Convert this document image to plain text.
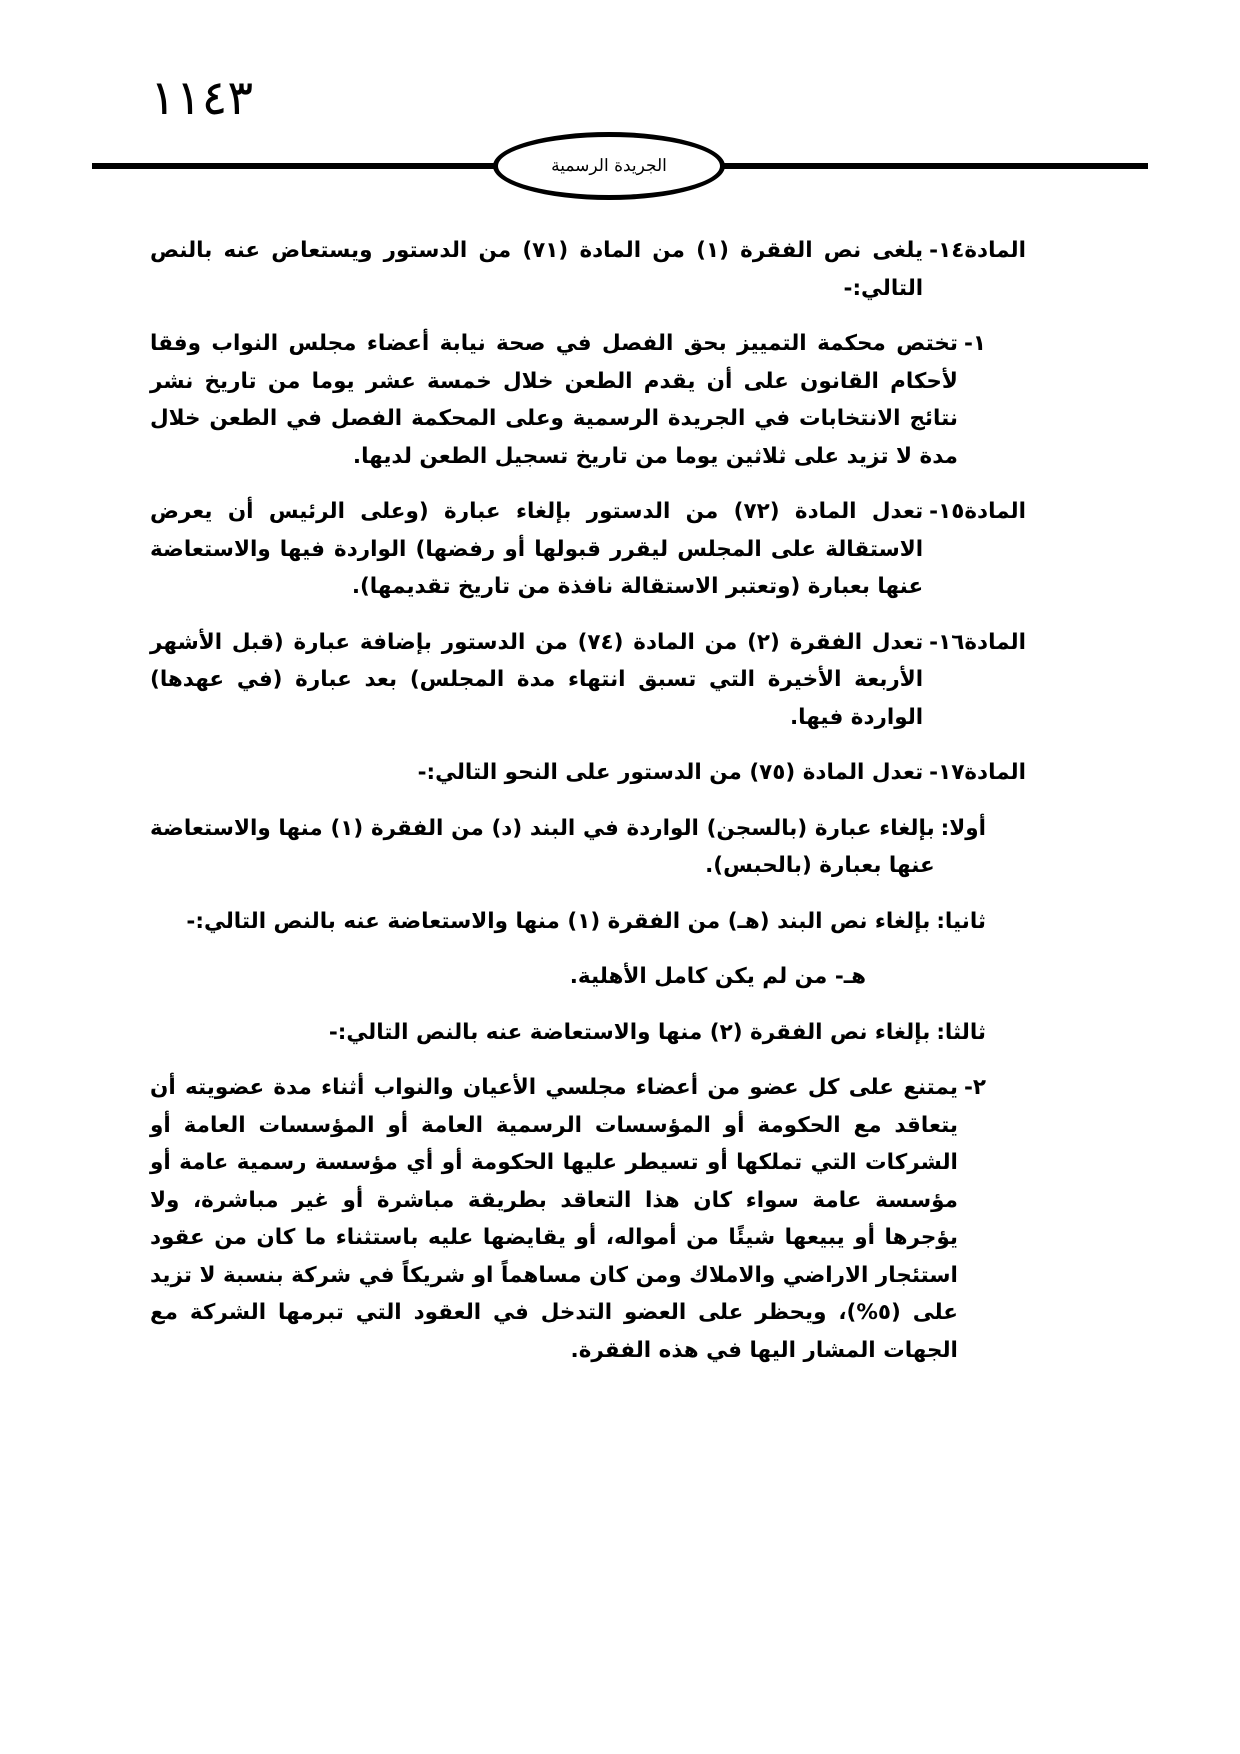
١١٤٣
الجريدة الرسمية
المادة١٤-
يلغى نص الفقرة (١) من المادة (٧١) من الدستور ويستعاض عنه بالنص التالي:-
١-
تختص محكمة التمييز بحق الفصل في صحة نيابة أعضاء مجلس النواب وفقا لأحكام القانون على أن يقدم الطعن خلال خمسة عشر يوما من تاريخ نشر نتائج الانتخابات في الجريدة الرسمية وعلى المحكمة الفصل في الطعن خلال مدة لا تزيد على ثلاثين يوما من تاريخ تسجيل الطعن لديها.
المادة١٥-
تعدل المادة (٧٢) من الدستور بإلغاء عبارة (وعلى الرئيس أن يعرض الاستقالة على المجلس ليقرر قبولها أو رفضها) الواردة فيها والاستعاضة عنها بعبارة (وتعتبر الاستقالة نافذة من تاريخ تقديمها).
المادة١٦-
تعدل الفقرة (٢) من المادة (٧٤) من الدستور بإضافة عبارة (قبل الأشهر الأربعة الأخيرة التي تسبق انتهاء مدة المجلس) بعد عبارة (في عهدها) الواردة فيها.
المادة١٧-
تعدل المادة (٧٥) من الدستور على النحو التالي:-
أولا:
بإلغاء عبارة (بالسجن) الواردة في البند (د) من الفقرة (١) منها والاستعاضة عنها بعبارة (بالحبس).
ثانيا:
بإلغاء نص البند (هـ) من الفقرة (١) منها والاستعاضة عنه بالنص التالي:-
هـ- من لم يكن كامل الأهلية.
ثالثا:
بإلغاء نص الفقرة (٢) منها والاستعاضة عنه بالنص التالي:-
٢-
يمتنع على كل عضو من أعضاء مجلسي الأعيان والنواب أثناء مدة عضويته أن يتعاقد مع الحكومة أو المؤسسات الرسمية العامة أو المؤسسات العامة أو الشركات التي تملكها أو تسيطر عليها الحكومة أو أي مؤسسة رسمية عامة أو مؤسسة عامة سواء كان هذا التعاقد بطريقة مباشرة أو غير مباشرة، ولا يؤجرها أو يبيعها شيئًا من أمواله، أو يقايضها عليه باستثناء ما كان من عقود استئجار الاراضي والاملاك ومن كان مساهماً او شريكاً في شركة بنسبة لا تزيد على (٥%)، ويحظر على العضو التدخل في العقود التي تبرمها الشركة مع الجهات المشار اليها في هذه الفقرة.
